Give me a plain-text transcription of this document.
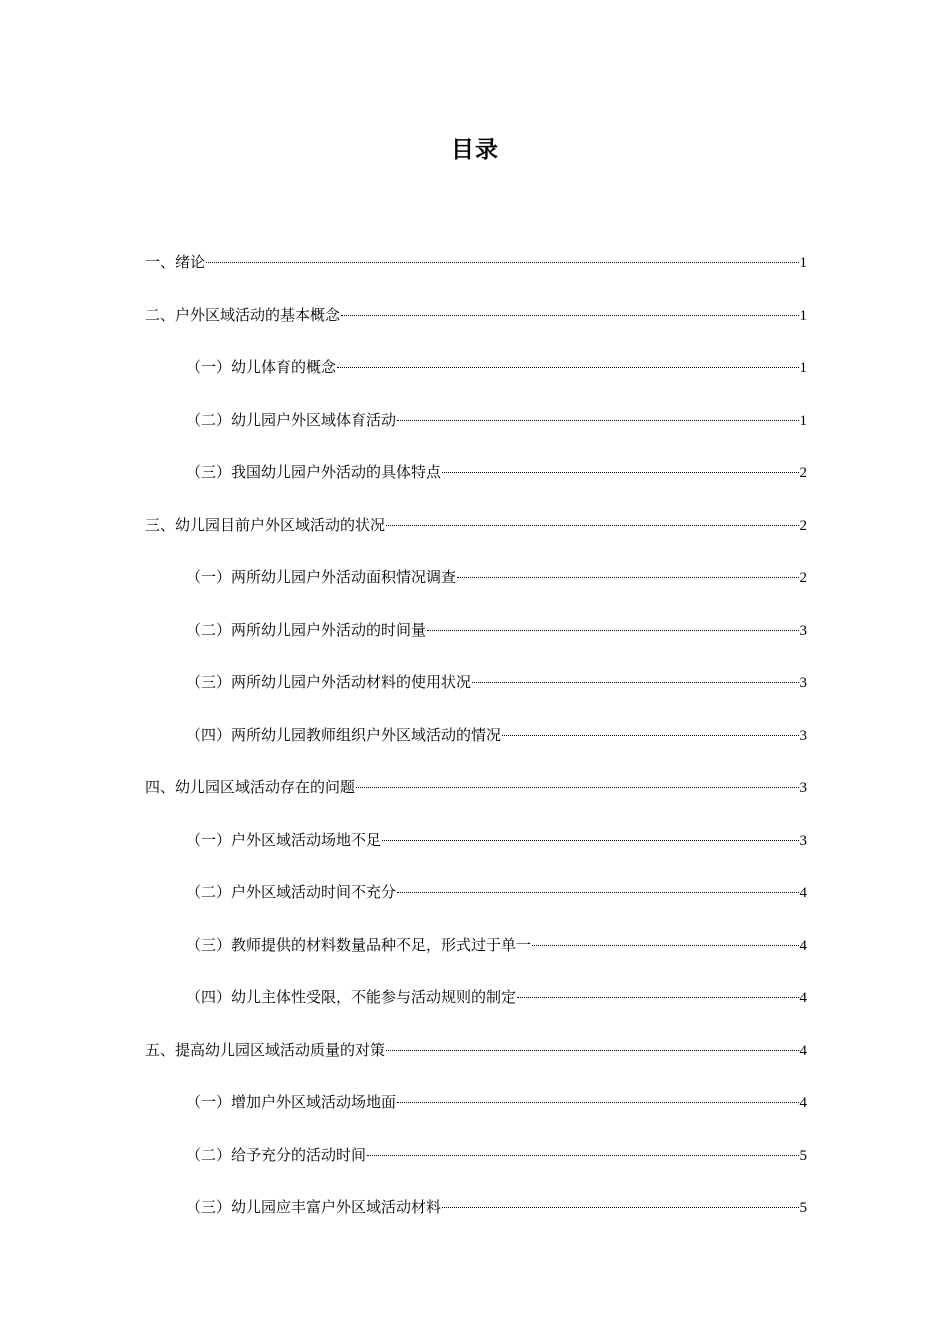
目录
一、绪论	1
二、户外区域活动的基本概念	1
（一）幼儿体育的概念	1
（二）幼儿园户外区域体育活动	1
（三）我国幼儿园户外活动的具体特点	2
三、幼儿园目前户外区域活动的状况	2
（一）两所幼儿园户外活动面积情况调查	2
（二）两所幼儿园户外活动的时间量	3
（三）两所幼儿园户外活动材料的使用状况	3
（四）两所幼儿园教师组织户外区域活动的情况	3
四、幼儿园区域活动存在的问题	3
（一）户外区域活动场地不足	3
（二）户外区域活动时间不充分	4
（三）教师提供的材料数量品种不足，形式过于单一	4
（四）幼儿主体性受限，不能参与活动规则的制定	4
五、提高幼儿园区域活动质量的对策	4
（一）增加户外区域活动场地面	4
（二）给予充分的活动时间	5
（三）幼儿园应丰富户外区域活动材料	5
